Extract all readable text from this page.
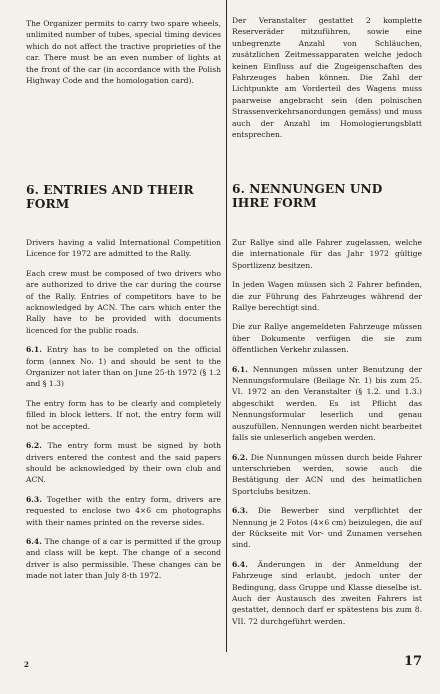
The Organizer permits to carry two spare wheels, unlimited number of tubes, special timing devices which do not affect the tractive proprieties of the car. There must be an even number of lights at the front of the car (in accordance with the Polish Highway Code and the homologation card).

6. ENTRIES AND THEIR FORM

Drivers having a valid International Competition Licence for 1972 are admitted to the Rally.

Each crew must be composed of two drivers who are authorized to drive the car during the course of the Rally. Entries of competitors have to be acknowledged by ACN. The cars which enter the Rally have to be provided with documents licenced for the public roads.

6.1. Entry has to be completed on the official form (annex No. 1) and should be sent to the Organizer not later than on June 25-th 1972 (§ 1.2 and § 1.3)

The entry form has to be clearly and completely filled in block letters. If not, the entry form will not be accepted.

6.2. The entry form must be signed by both drivers entered the contest and the said papers should be acknowledged by their own club and ACN.

6.3. Together with the entry form, drivers are requested to enclose two 4×6 cm photographs with their names printed on the reverse sides.

6.4. The change of a car is permitted if the group and class will be kept. The change of a second driver is also permissible. These changes can be made not later than July 8-th 1972.

Der Veranstalter gestattet 2 komplette Reserveräder mitzuführen, sowie eine unbegrenzte Anzahl von Schläuchen, zusätzlichen Zeitmessapparaten welche jedoch keinen Einfluss auf die Zugeigenschaften des Fahrzeuges haben können. Die Zahl der Lichtpunkte am Vorderteil des Wagens muss paarweise angebracht sein (den polnischen Strassenverkehrsanordungen gemäss) und muss auch der Anzahl im Homologierungsblatt entsprechen.

6. NENNUNGEN UND IHRE FORM

Zur Rallye sind alle Fahrer zugelassen, welche die internationale für das Jahr 1972 gültige Sportlizenz besitzen.

In jeden Wagen müssen sich 2 Fahrer befinden, die zur Führung des Fahrzeuges während der Rallye berechtigt sind.

Die zur Rallye angemeldeten Fahrzeuge müssen über Dokumente verfügen die sie zum öffentlichen Verkehr zulassen.

6.1. Nennungen müssen unter Benutzung der Nennungsformulare (Beilage Nr. 1) bis zum 25. VI. 1972 an den Veranstalter (§ 1.2. und 1.3.) abgeschikt werden. Es ist Pflicht das Nennungsformular leserlich und genau auszufüllen. Nennungen werden nicht bearbeitet falls sie unleserlich angeben werden.

6.2. Die Nunnungen müssen durch beide Fahrer unterschrieben werden, sowie auch die Bestätigung der ACN und des heimatlichen Sportclubs besitzen.

6.3. Die Bewerber sind verpflichtet der Nennung je 2 Fotos (4×6 cm) beizulegen, die auf der Rückseite mit Vor- und Zunamen versehen sind.

6.4. Änderungen in der Anmeldung der Fahrzeuge sind erlaubt, jedoch unter der Bedingung, dass Gruppe und Klasse dieselbe ist. Auch der Austausch des zweiten Fahrers ist gestattet, dennoch darf er spätestens bis zum 8. VII. 72 durchgeführt werden.

2	17
